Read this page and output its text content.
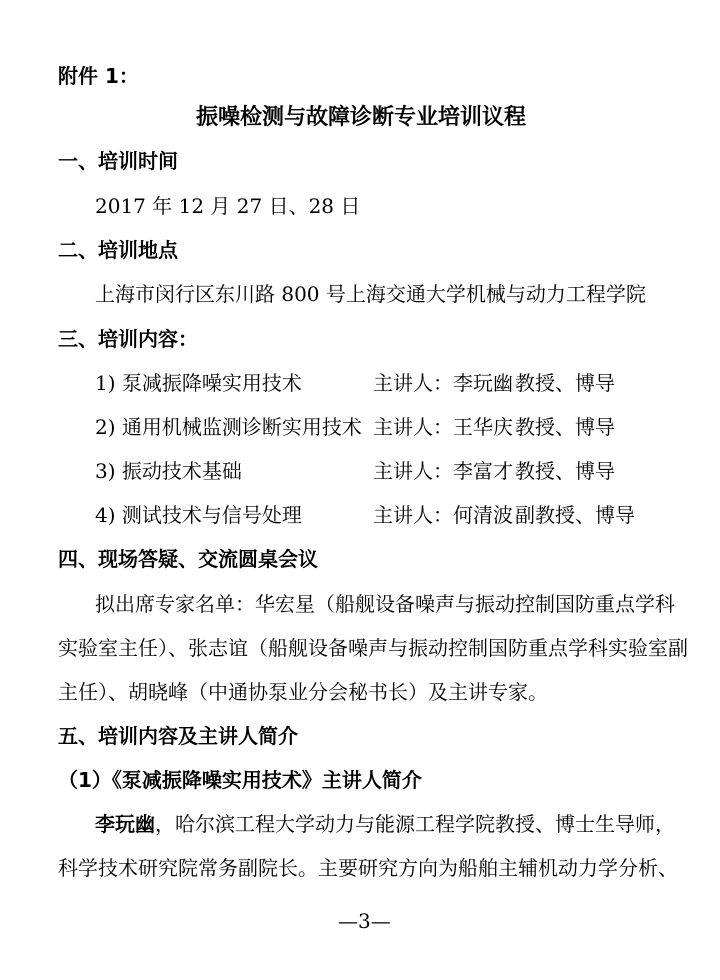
附件 1：
振噪检测与故障诊断专业培训议程
一、培训时间
2017 年 12 月 27 日、28 日
二、培训地点
上海市闵行区东川路 800 号上海交通大学机械与动力工程学院
三、培训内容：
1) 泵减振降噪实用技术	主讲人：李玩幽 教授、博导
2) 通用机械监测诊断实用技术 主讲人：王华庆 教授、博导
3) 振动技术基础	主讲人：李富才 教授、博导
4) 测试技术与信号处理	主讲人：何清波 副教授、博导
四、现场答疑、交流圆桌会议
拟出席专家名单：华宏星（船舰设备噪声与振动控制国防重点学科
实验室主任）、张志谊（船舰设备噪声与振动控制国防重点学科实验室副
主任）、胡晓峰（中通协泵业分会秘书长）及主讲专家。
五、培训内容及主讲人简介
（1）《泵减振降噪实用技术》主讲人简介
李玩幽，哈尔滨工程大学动力与能源工程学院教授、博士生导师，
科学技术研究院常务副院长。主要研究方向为船舶主辅机动力学分析、
—3—
